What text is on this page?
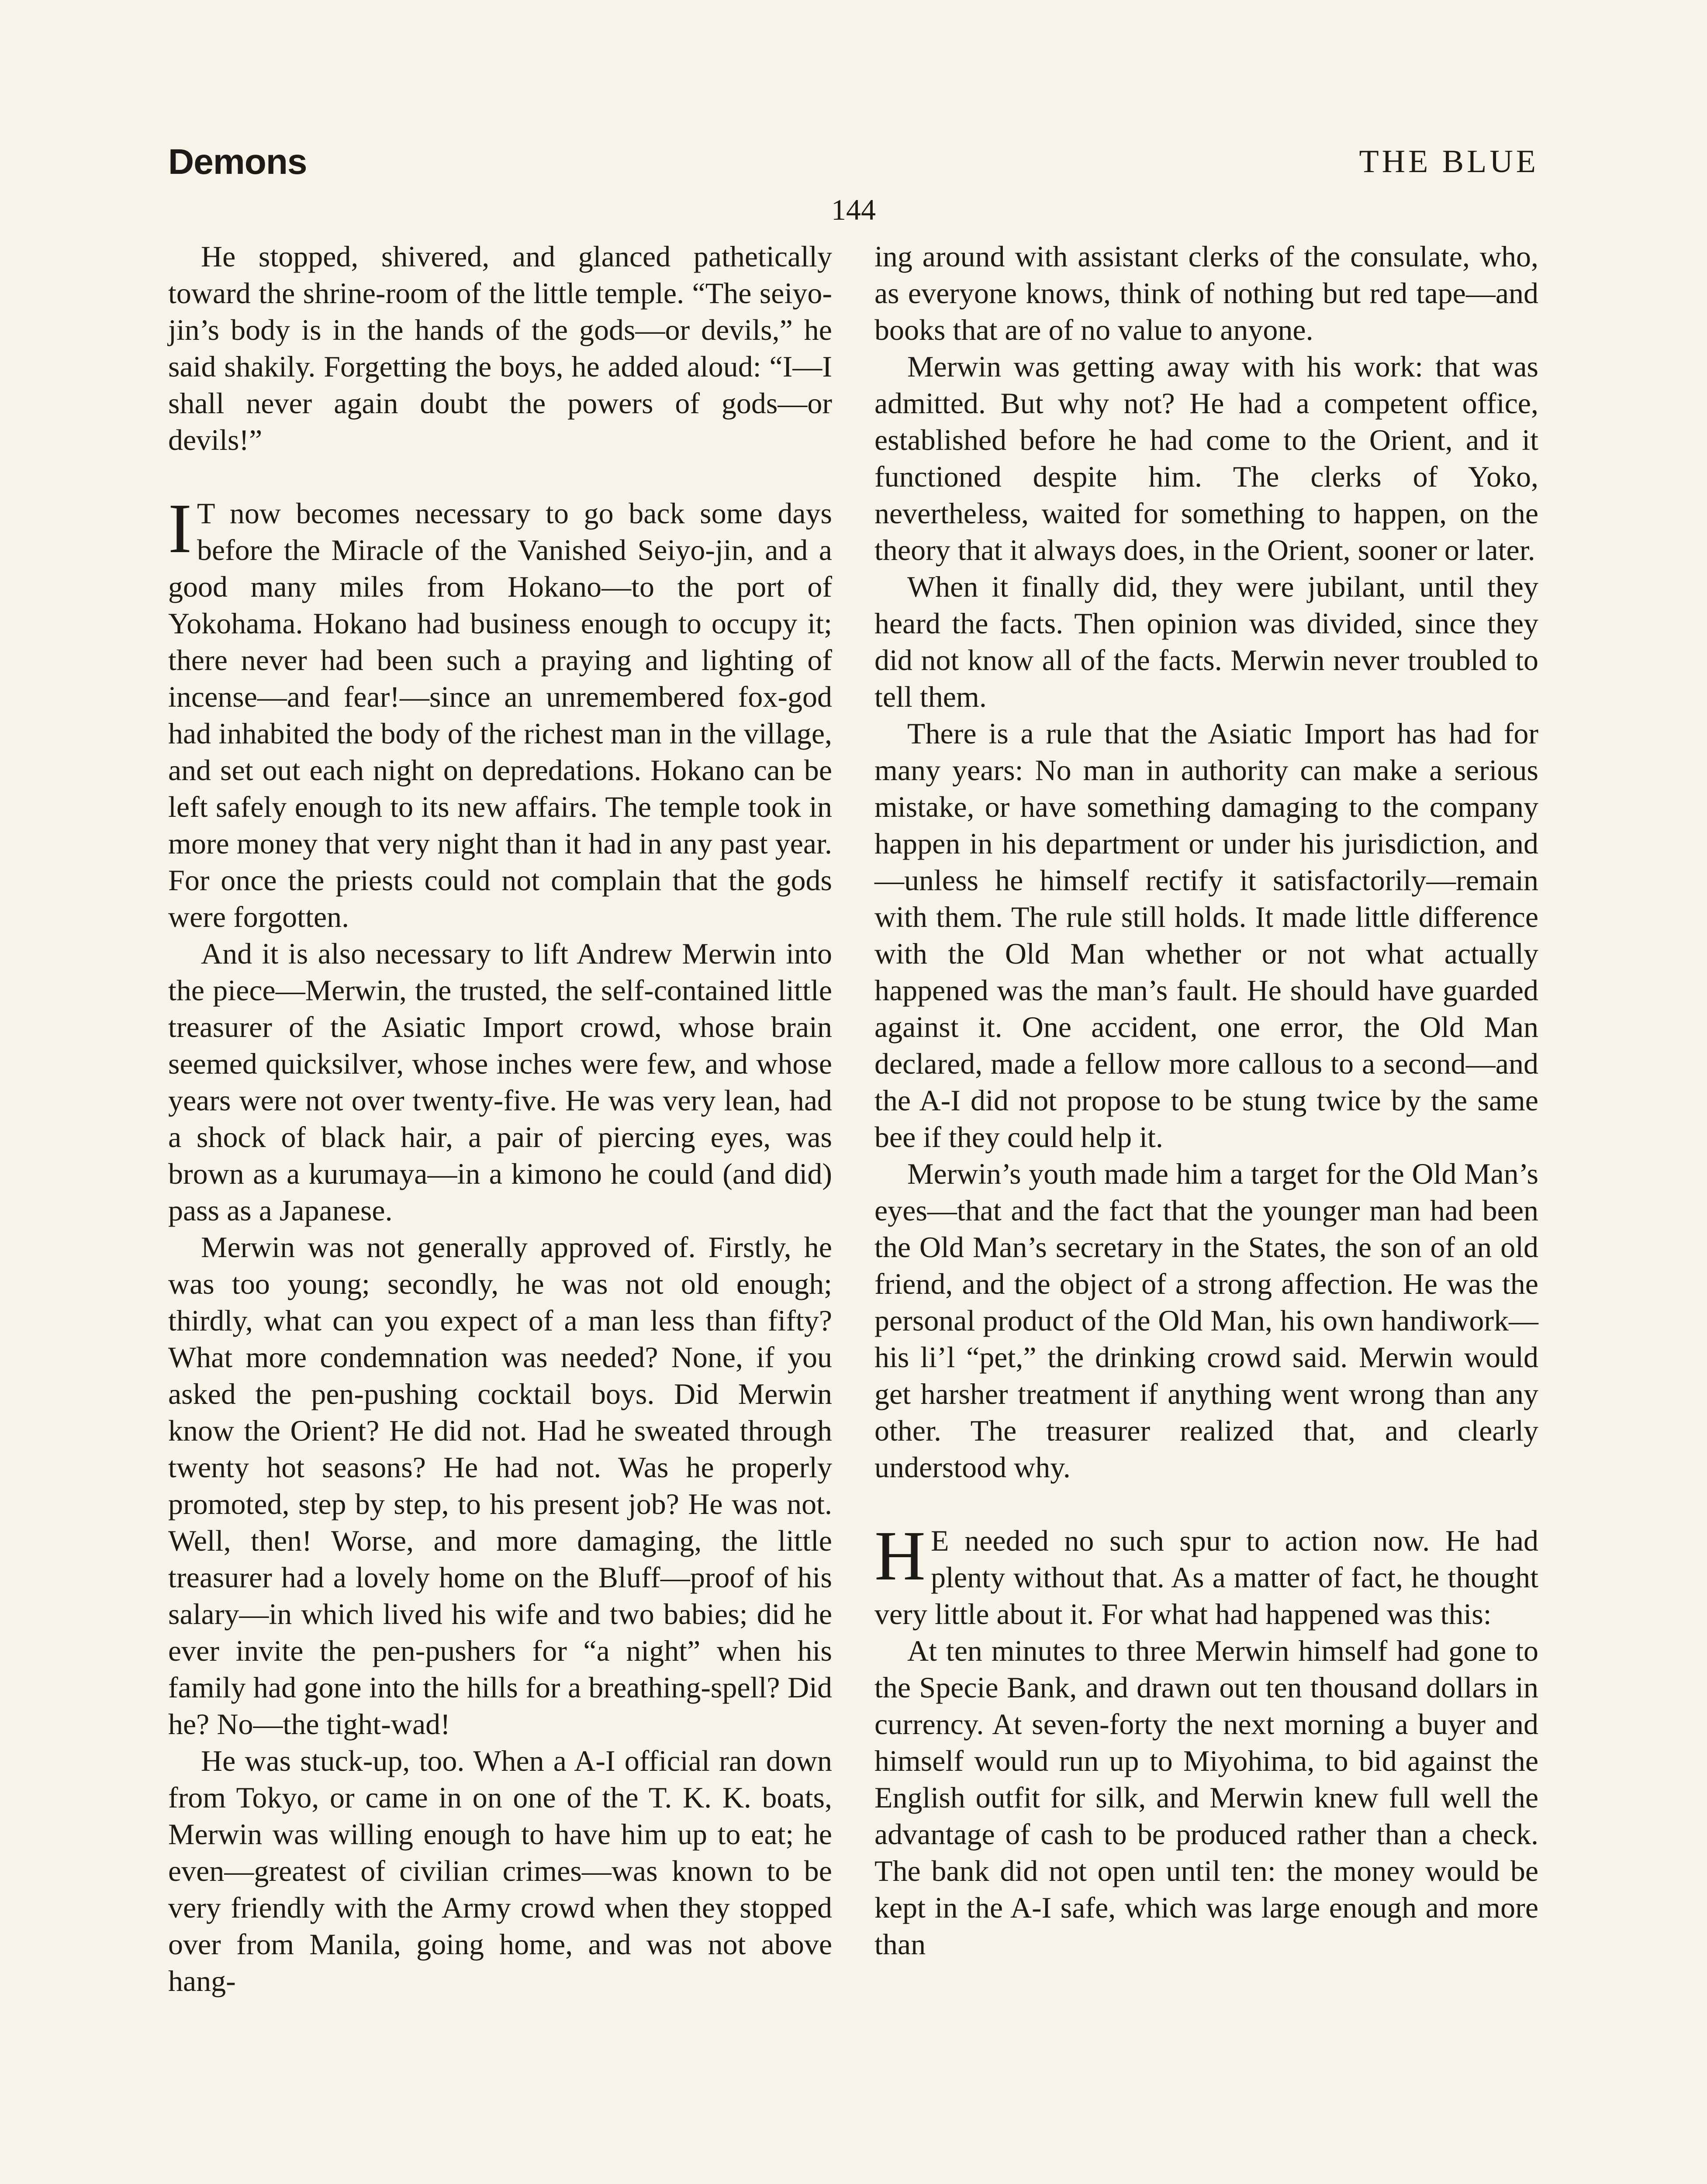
Demons	THE BLUE
144

He stopped, shivered, and glanced pathetically toward the shrine-room of the little temple. “The seiyo-jin’s body is in the hands of the gods—or devils,” he said shakily. Forgetting the boys, he added aloud: “I—I shall never again doubt the powers of gods—or devils!”

I T now becomes necessary to go back some days before the Miracle of the Vanished Seiyo-jin, and a good many miles from Hokano—to the port of Yokohama. Hokano had business enough to occupy it; there never had been such a praying and lighting of incense—and fear!—since an unremembered fox-god had inhabited the body of the richest man in the village, and set out each night on depredations. Hokano can be left safely enough to its new affairs. The temple took in more money that very night than it had in any past year. For once the priests could not complain that the gods were forgotten.

And it is also necessary to lift Andrew Merwin into the piece—Merwin, the trusted, the self-contained little treasurer of the Asiatic Import crowd, whose brain seemed quicksilver, whose inches were few, and whose years were not over twenty-five. He was very lean, had a shock of black hair, a pair of piercing eyes, was brown as a kurumaya—in a kimono he could (and did) pass as a Japanese.

Merwin was not generally approved of. Firstly, he was too young; secondly, he was not old enough; thirdly, what can you expect of a man less than fifty? What more condemnation was needed? None, if you asked the pen-pushing cocktail boys. Did Merwin know the Orient? He did not. Had he sweated through twenty hot seasons? He had not. Was he properly promoted, step by step, to his present job? He was not. Well, then! Worse, and more damaging, the little treasurer had a lovely home on the Bluff—proof of his salary—in which lived his wife and two babies; did he ever invite the pen-pushers for “a night” when his family had gone into the hills for a breathing-spell? Did he? No—the tight-wad!

He was stuck-up, too. When a A-I official ran down from Tokyo, or came in on one of the T. K. K. boats, Merwin was willing enough to have him up to eat; he even—greatest of civilian crimes—was known to be very friendly with the Army crowd when they stopped over from Manila, going home, and was not above hang-

ing around with assistant clerks of the consulate, who, as everyone knows, think of nothing but red tape—and books that are of no value to anyone.

Merwin was getting away with his work: that was admitted. But why not? He had a competent office, established before he had come to the Orient, and it functioned despite him. The clerks of Yoko, nevertheless, waited for something to happen, on the theory that it always does, in the Orient, sooner or later.

When it finally did, they were jubilant, until they heard the facts. Then opinion was divided, since they did not know all of the facts. Merwin never troubled to tell them.

There is a rule that the Asiatic Import has had for many years: No man in authority can make a serious mistake, or have something damaging to the company happen in his department or under his jurisdiction, and—unless he himself rectify it satisfactorily—remain with them. The rule still holds. It made little difference with the Old Man whether or not what actually happened was the man’s fault. He should have guarded against it. One accident, one error, the Old Man declared, made a fellow more callous to a second—and the A-I did not propose to be stung twice by the same bee if they could help it.

Merwin’s youth made him a target for the Old Man’s eyes—that and the fact that the younger man had been the Old Man’s secretary in the States, the son of an old friend, and the object of a strong affection. He was the personal product of the Old Man, his own handiwork—his li’l “pet,” the drinking crowd said. Merwin would get harsher treatment if anything went wrong than any other. The treasurer realized that, and clearly understood why.

H E needed no such spur to action now. He had plenty without that. As a matter of fact, he thought very little about it. For what had happened was this:

At ten minutes to three Merwin himself had gone to the Specie Bank, and drawn out ten thousand dollars in currency. At seven-forty the next morning a buyer and himself would run up to Miyohima, to bid against the English outfit for silk, and Merwin knew full well the advantage of cash to be produced rather than a check. The bank did not open until ten: the money would be kept in the A-I safe, which was large enough and more than
